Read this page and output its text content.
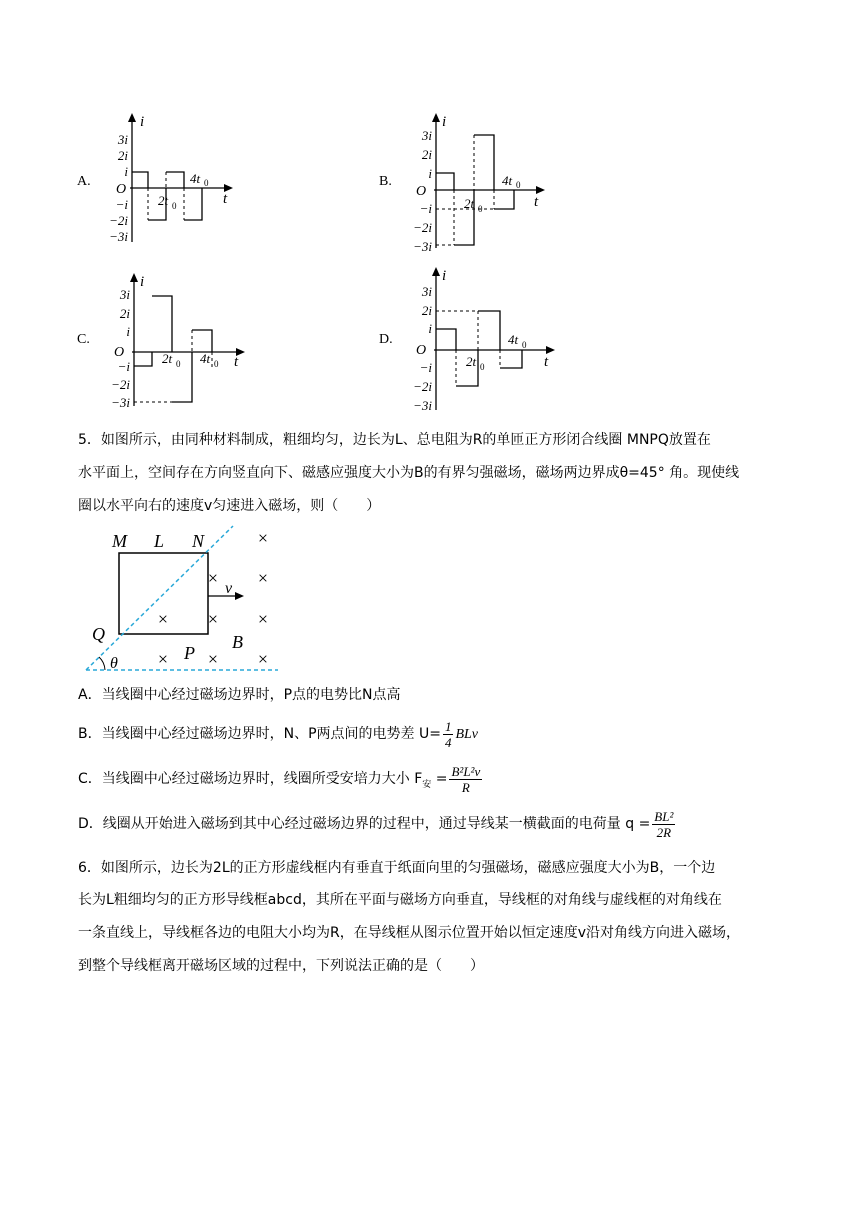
A.	B.
C.	D.
i
t
O
3i
2i
i
−i
−2i
−3i
2t 0
4t 0
i
t
O
3i
2i
i
−i
−2i
−3i
2t 0
4t 0
i
t
O
3i
2i
i
−i
−2i
−3i
2t 0 4t 0
i
t
O
3i
2i
i
−i
−2i
−3i
2t 0
4t 0
5．如图所示，由同种材料制成，粗细均匀，边长为L、总电阻为R的单匝正方形闭合线圈 MNPQ放置在
水平面上，空间存在方向竖直向下、磁感应强度大小为B的有界匀强磁场，磁场两边界成θ=45° 角。现使线
圈以水平向右的速度v匀速进入磁场，则（　　）
M L N
Q
P
B
θ
v
×
× ×
× × ×
× × ×
A．当线圈中心经过磁场边界时，P点的电势比N点高
B．当线圈中心经过磁场边界时，N、P两点间的电势差 $U= \frac{1}{4}$ BLv
C．当线圈中心经过磁场边界时，线圈所受安培力大小 $F_安 = \frac{\text{B²L²v}}{R}$
D．线圈从开始进入磁场到其中心经过磁场边界的过程中，通过导线某一横截面的电荷量 $q = \frac{\text{BL²}}{2R}$
6．如图所示，边长为2L的正方形虚线框内有垂直于纸面向里的匀强磁场，磁感应强度大小为B，一个边
长为L粗细均匀的正方形导线框abcd，其所在平面与磁场方向垂直，导线框的对角线与虚线框的对角线在
一条直线上，导线框各边的电阻大小均为R，在导线框从图示位置开始以恒定速度v沿对角线方向进入磁场，
到整个导线框离开磁场区域的过程中，下列说法正确的是（　　）
